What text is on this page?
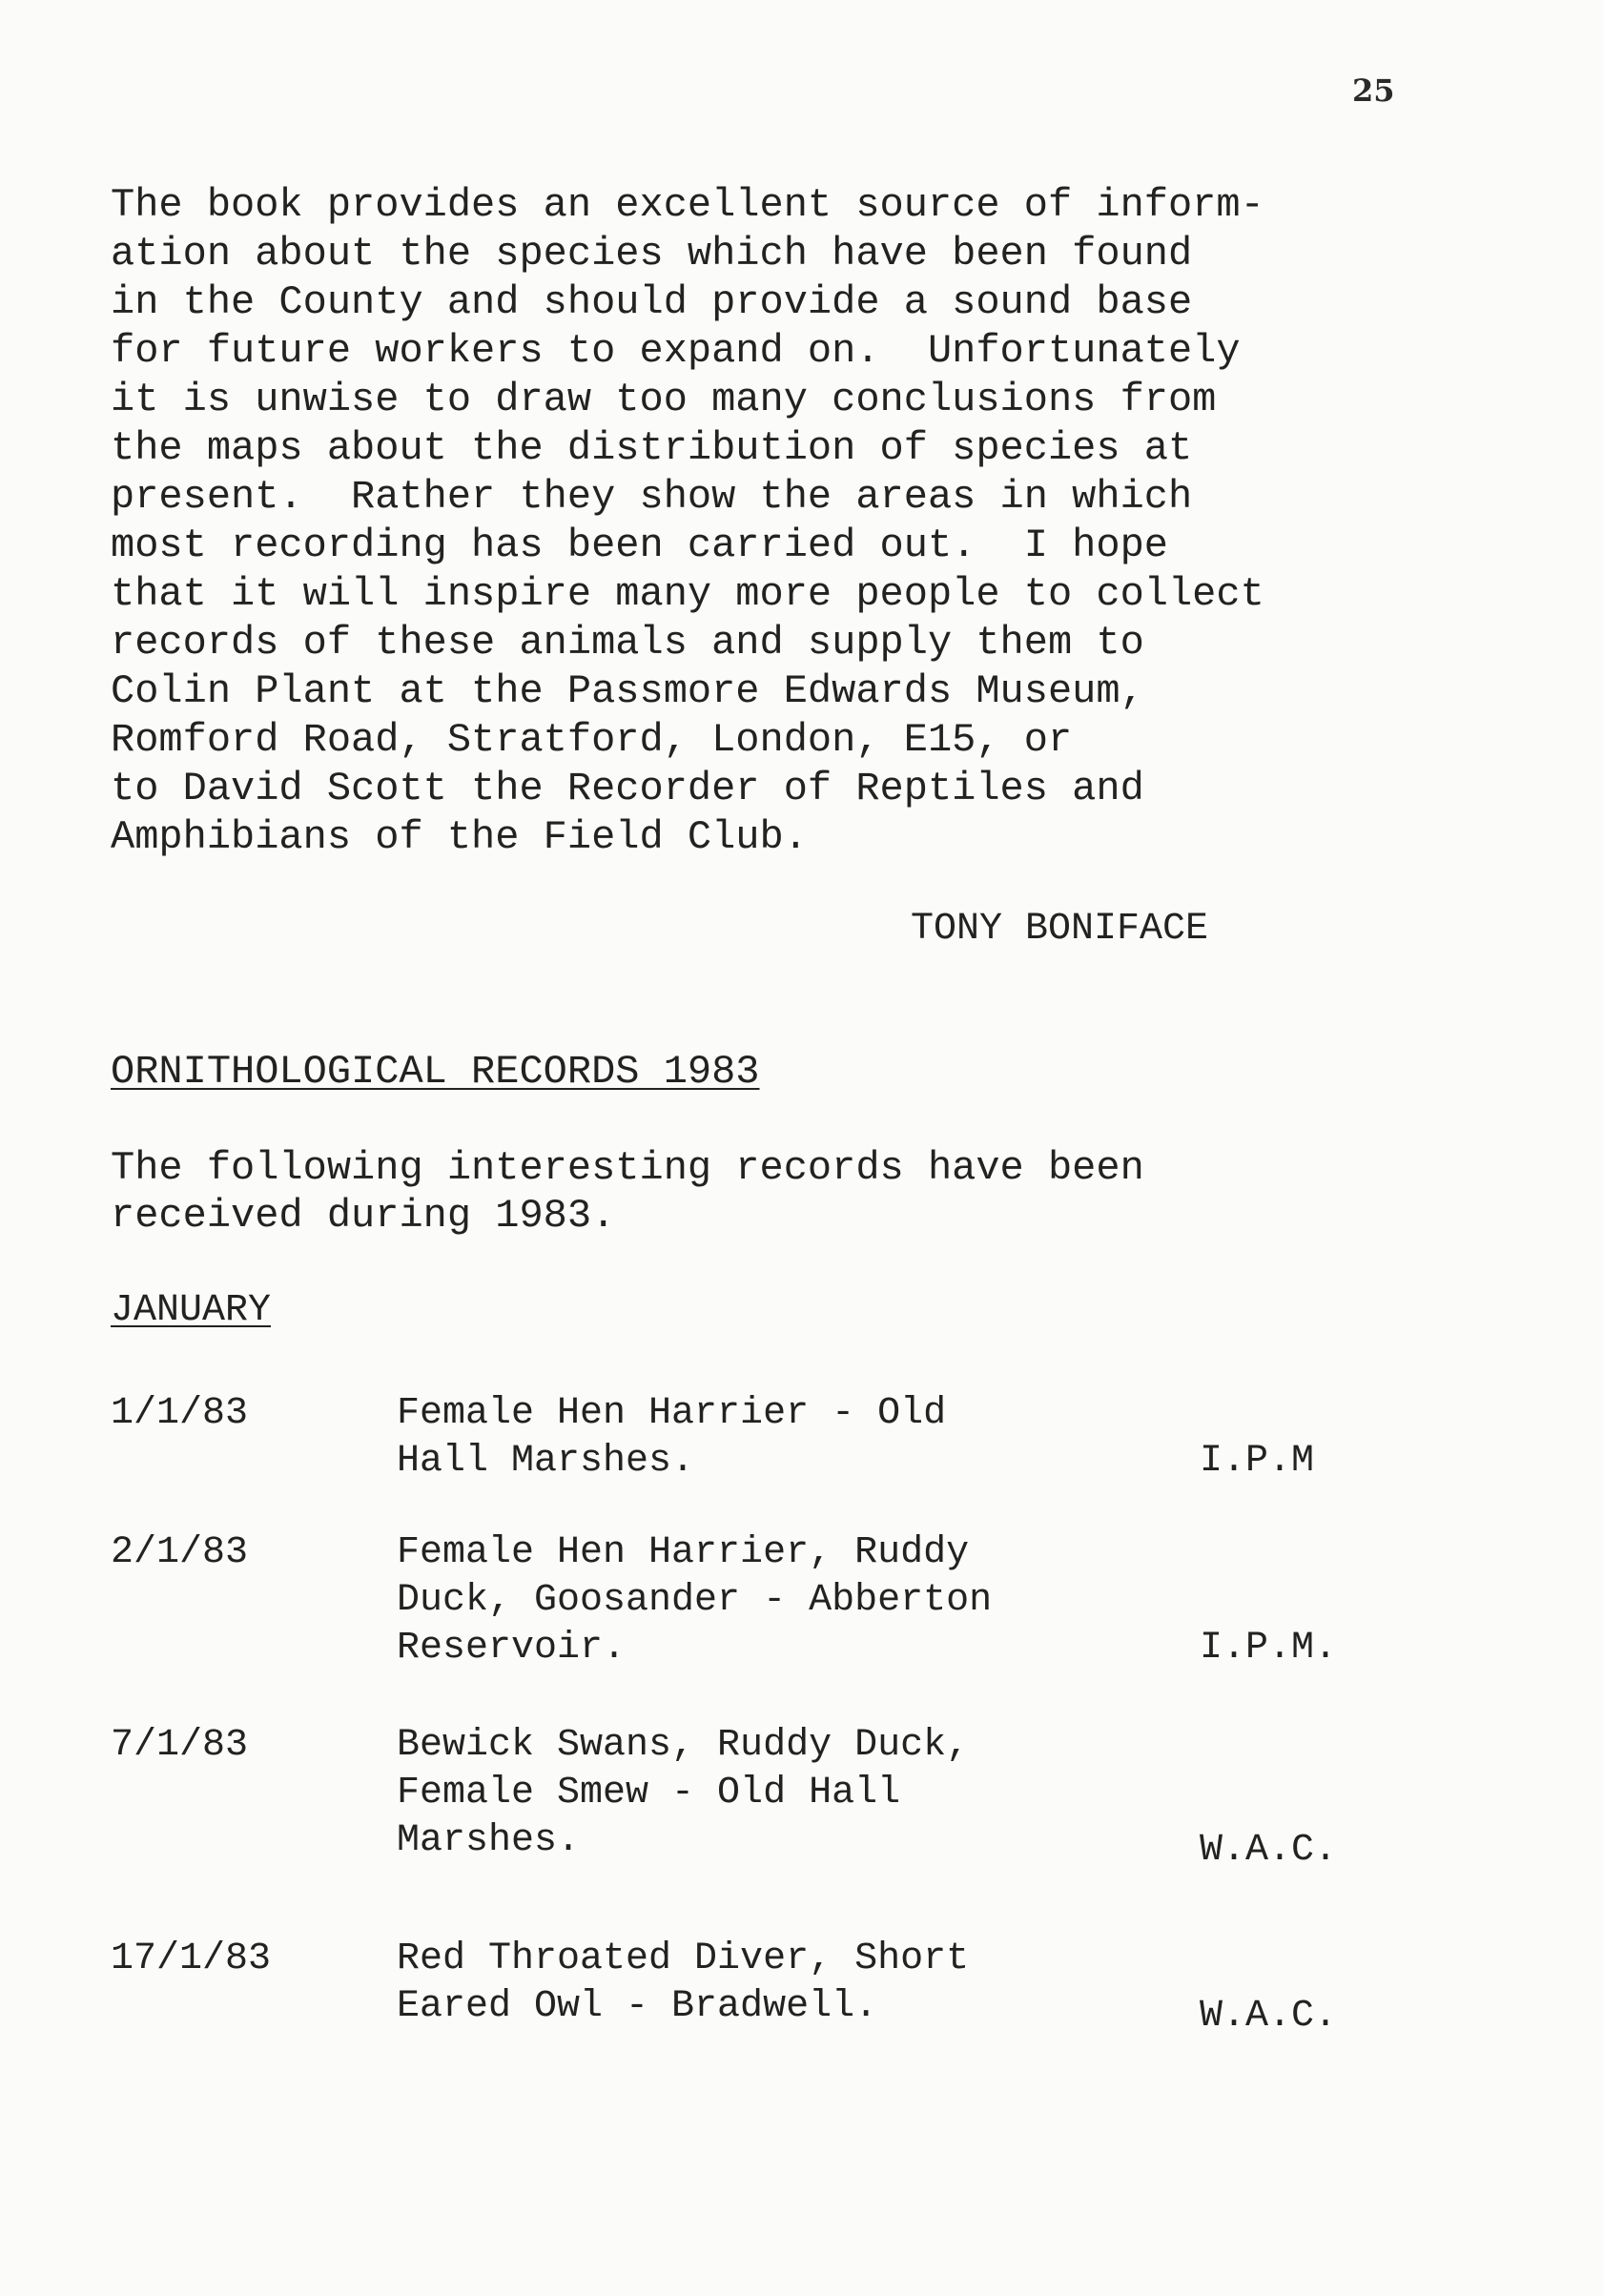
25

The book provides an excellent source of inform-
ation about the species which have been found
in the County and should provide a sound base
for future workers to expand on.  Unfortunately
it is unwise to draw too many conclusions from
the maps about the distribution of species at
present.  Rather they show the areas in which
most recording has been carried out.  I hope
that it will inspire many more people to collect
records of these animals and supply them to
Colin Plant at the Passmore Edwards Museum,
Romford Road, Stratford, London, E15, or
to David Scott the Recorder of Reptiles and
Amphibians of the Field Club.

TONY BONIFACE
ORNITHOLOGICAL RECORDS 1983

The following interesting records have been
received during 1983.

JANUARY
1/1/83	Female Hen Harrier - Old
Hall Marshes.	I.P.M
2/1/83	Female Hen Harrier, Ruddy
Duck, Goosander - Abberton
Reservoir.	I.P.M.
7/1/83	Bewick Swans, Ruddy Duck,
Female Smew - Old Hall
Marshes.	W.A.C.
17/1/83	Red Throated Diver, Short
Eared Owl - Bradwell.	W.A.C.
